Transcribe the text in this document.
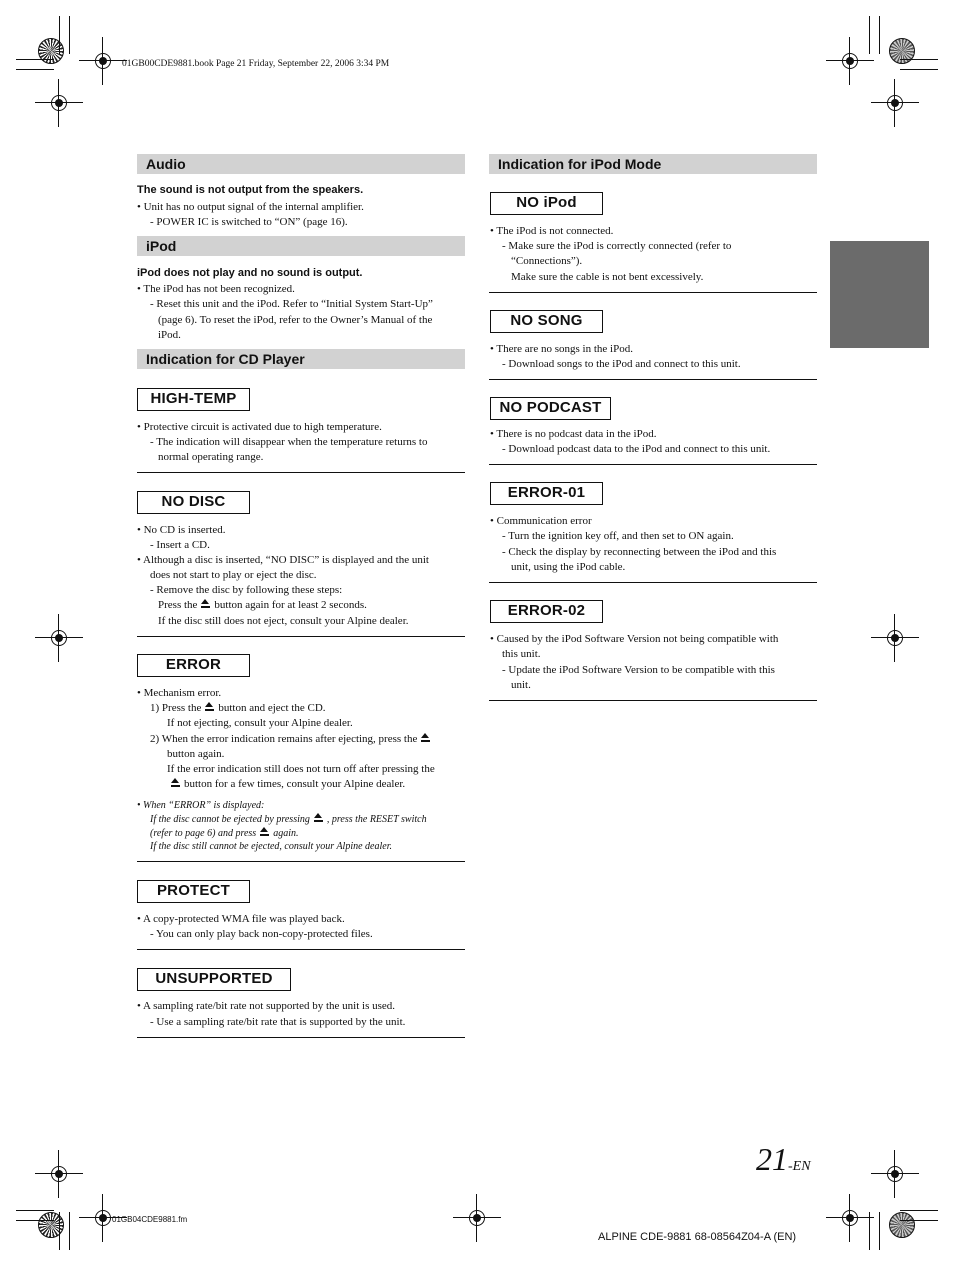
01GB00CDE9881.book Page 21 Friday, September 22, 2006 3:34 PM
Audio
The sound is not output from the speakers.
• Unit has no output signal of the internal amplifier.
- POWER IC is switched to “ON” (page 16).
iPod
iPod does not play and no sound is output.
• The iPod has not been recognized.
- Reset this unit and the iPod. Refer to “Initial System Start-Up”
(page 6). To reset the iPod, refer to the Owner’s Manual of the
iPod.
Indication for CD Player
HIGH-TEMP
• Protective circuit is activated due to high temperature.
- The indication will disappear when the temperature returns to
normal operating range.
NO DISC
• No CD is inserted.
- Insert a CD.
• Although a disc is inserted, “NO DISC” is displayed and the unit
does not start to play or eject the disc.
- Remove the disc by following these steps:
Press the button again for at least 2 seconds.
If the disc still does not eject, consult your Alpine dealer.
ERROR
• Mechanism error.
1) Press the button and eject the CD.
If not ejecting, consult your Alpine dealer.
2) When the error indication remains after ejecting, press the
button again.
If the error indication still does not turn off after pressing the
button for a few times, consult your Alpine dealer.
• When “ERROR” is displayed:
If the disc cannot be ejected by pressing , press the RESET switch
(refer to page 6) and press again.
If the disc still cannot be ejected, consult your Alpine dealer.
PROTECT
• A copy-protected WMA file was played back.
- You can only play back non-copy-protected files.
UNSUPPORTED
• A sampling rate/bit rate not supported by the unit is used.
- Use a sampling rate/bit rate that is supported by the unit.
Indication for iPod Mode
NO iPod
• The iPod is not connected.
- Make sure the iPod is correctly connected (refer to
“Connections”).
Make sure the cable is not bent excessively.
NO SONG
• There are no songs in the iPod.
- Download songs to the iPod and connect to this unit.
NO PODCAST
• There is no podcast data in the iPod.
- Download podcast data to the iPod and connect to this unit.
ERROR-01
• Communication error
- Turn the ignition key off, and then set to ON again.
- Check the display by reconnecting between the iPod and this
unit, using the iPod cable.
ERROR-02
• Caused by the iPod Software Version not being compatible with
this unit.
- Update the iPod Software Version to be compatible with this
unit.
21-EN
01GB04CDE9881.fm
ALPINE CDE-9881 68-08564Z04-A (EN)
